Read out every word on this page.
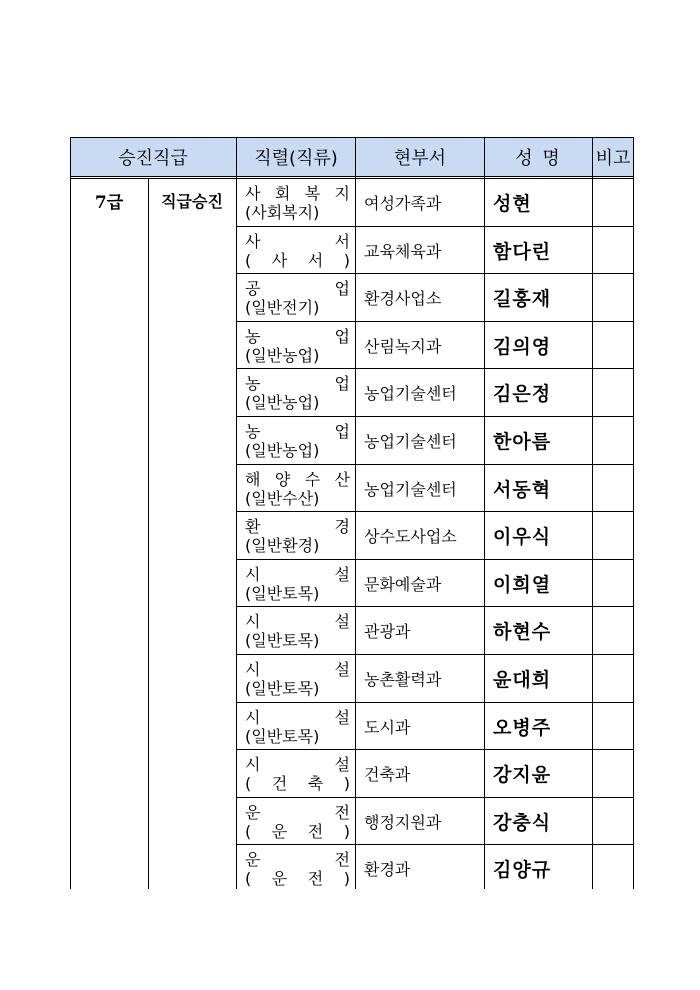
승진직급	직렬(직류)	현부서	성 명	비고
7급	직급승진	사 회 복 지
(사회복지)	여성가족과	성현
사 서
( 사 서 ) 교육체육과	함다린
공 업
(일반전기)	환경사업소	길홍재
농 업
(일반농업)	산림녹지과	김의영
농 업
(일반농업)	농업기술센터	김은정
농 업
(일반농업)	농업기술센터	한아름
해 양 수 산
(일반수산)	농업기술센터	서동혁
환 경
(일반환경)	상수도사업소	이우식
시 설
(일반토목)	문화예술과	이희열
시 설
(일반토목)	관광과	하현수
시 설
(일반토목)	농촌활력과	윤대희
시 설
(일반토목)	도시과	오병주
시 설
( 건 축 ) 건축과	강지윤
운 전
( 운 전 ) 행정지원과	강충식
운 전
( 운 전 ) 환경과	김양규
